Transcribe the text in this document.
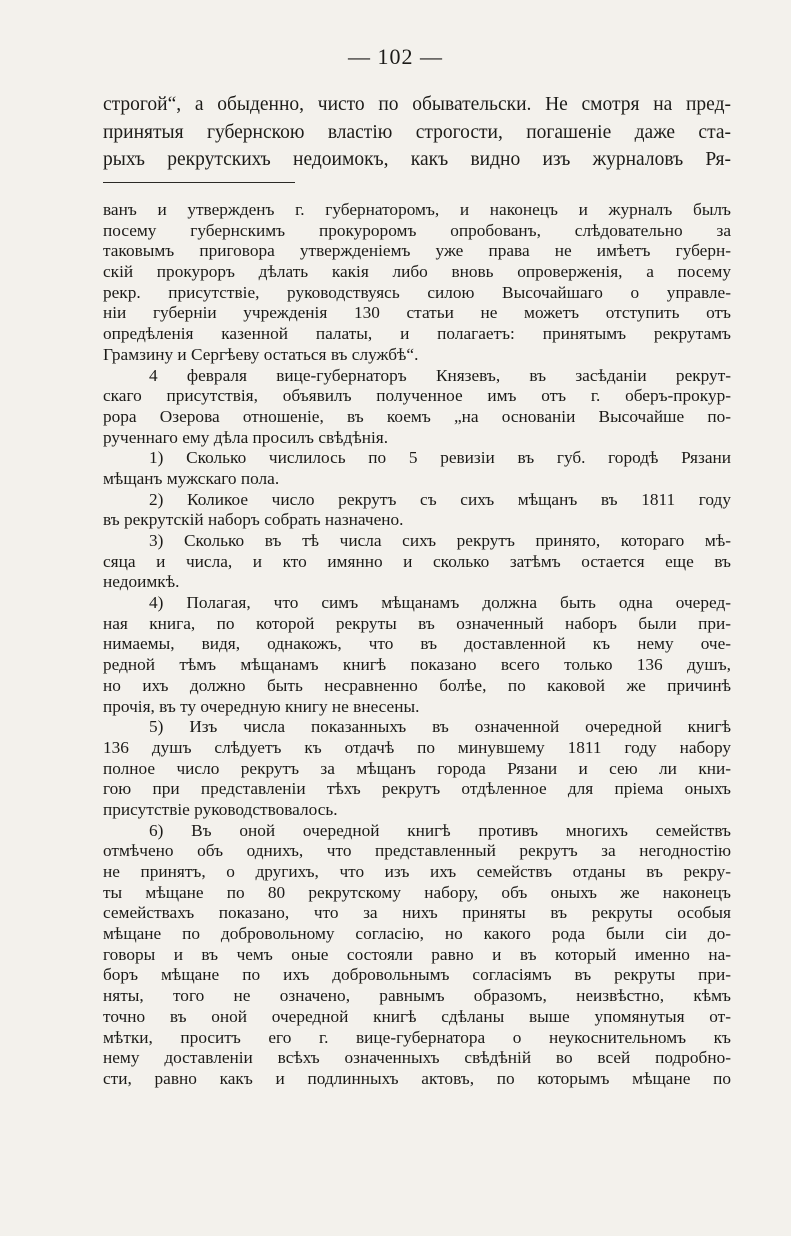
— 102 —
строгой“, а обыденно, чисто по обывательски. Не смотря на пред-
принятыя губернскою властію строгости, погашеніе даже ста-
рыхъ рекрутскихъ недоимокъ, какъ видно изъ журналовъ Ря-
ванъ и утвержденъ г. губернаторомъ, и наконецъ и журналъ былъ
посему губернскимъ прокуроромъ опробованъ, слѣдовательно за
таковымъ приговора утвержденіемъ уже права не имѣетъ губерн-
скій прокуроръ дѣлать какія либо вновь опроверженія, а посему
рекр. присутствіе, руководствуясь силою Высочайшаго о управле-
ніи губерніи учрежденія 130 статьи не можетъ отступить отъ
опредѣленія казенной палаты, и полагаетъ: принятымъ рекрутамъ
Грамзину и Сергѣеву остаться въ службѣ“.
4 февраля вице-губернаторъ Князевъ, въ засѣданіи рекрут-
скаго присутствія, объявилъ полученное имъ отъ г. оберъ-прокур-
рора Озерова отношеніе, въ коемъ „на основаніи Высочайше по-
рученнаго ему дѣла просилъ свѣдѣнія.
1) Сколько числилось по 5 ревизіи въ губ. городѣ Рязани
мѣщанъ мужскаго пола.
2) Коликое число рекрутъ съ сихъ мѣщанъ въ 1811 году
въ рекрутскій наборъ собрать назначено.
3) Сколько въ тѣ числа сихъ рекрутъ принято, котораго мѣ-
сяца и числа, и кто имянно и сколько затѣмъ остается еще въ
недоимкѣ.
4) Полагая, что симъ мѣщанамъ должна быть одна очеред-
ная книга, по которой рекруты въ означенный наборъ были при-
нимаемы, видя, однакожъ, что въ доставленной къ нему оче-
редной тѣмъ мѣщанамъ книгѣ показано всего только 136 душъ,
но ихъ должно быть несравненно болѣе, по каковой же причинѣ
прочія, въ ту очередную книгу не внесены.
5) Изъ числа показанныхъ въ означенной очередной книгѣ
136 душъ слѣдуетъ къ отдачѣ по минувшему 1811 году набору
полное число рекрутъ за мѣщанъ города Рязани и сею ли кни-
гою при представленіи тѣхъ рекрутъ отдѣленное для пріема оныхъ
присутствіе руководствовалось.
6) Въ оной очередной книгѣ противъ многихъ семействъ
отмѣчено объ однихъ, что представленный рекрутъ за негодностію
не принятъ, о другихъ, что изъ ихъ семействъ отданы въ рекру-
ты мѣщане по 80 рекрутскому набору, объ оныхъ же наконецъ
семействахъ показано, что за нихъ приняты въ рекруты особыя
мѣщане по добровольному согласію, но какого рода были сіи до-
говоры и въ чемъ оные состояли равно и въ который именно на-
боръ мѣщане по ихъ добровольнымъ согласіямъ въ рекруты при-
няты, того не означено, равнымъ образомъ, неизвѣстно, кѣмъ
точно въ оной очередной книгѣ сдѣланы выше упомянутыя от-
мѣтки, проситъ его г. вице-губернатора о неукоснительномъ къ
нему доставленіи всѣхъ означенныхъ свѣдѣній во всей подробно-
сти, равно какъ и подлинныхъ актовъ, по которымъ мѣщане по
